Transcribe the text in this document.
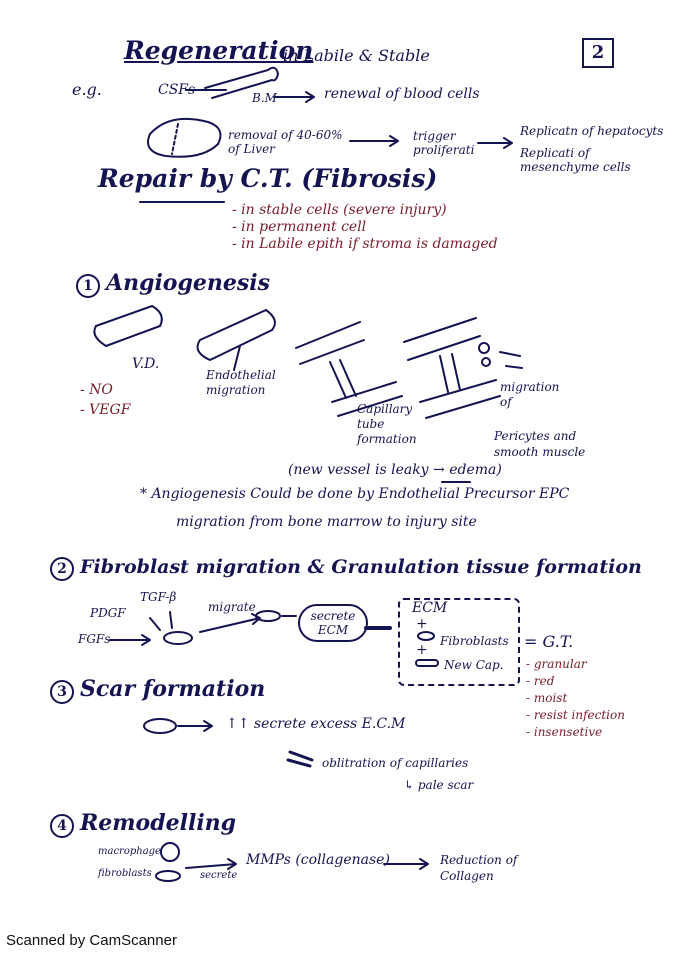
2
Regeneration
in Labile & Stable
e.g.	CSFs	B.M	renewal of blood cells
removal of 40-60% of Liver
trigger proliferati
Replicatn of hepatocyts
Replicati of mesenchyme cells
Repair by C.T. (Fibrosis)
- in stable cells (severe injury)
- in permanent cell
- in Labile epith if stroma is damaged
1 Angiogenesis
V.D.
- NO
- VEGF
Endothelial migration
Capillary tube formation
migration of
Pericytes and smooth muscle
(new vessel is leaky → edema)
* Angiogenesis Could be done by Endothelial Precursor EPC
migration from bone marrow to injury site
2 Fibroblast migration & Granulation tissue formation
PDGF
TGF-β
FGFs
migrate
secrete ECM
ECM
+
Fibroblasts
+
New Cap.
= G.T.
- granular
- red
- moist
- resist infection
- insensetive
3 Scar formation
↑↑ secrete excess E.C.M
oblitration of capillaries
↳ pale scar
4 Remodelling
macrophage
fibroblasts	secrete
MMPs (collagenase)	Reduction of Collagen
Scanned by CamScanner
